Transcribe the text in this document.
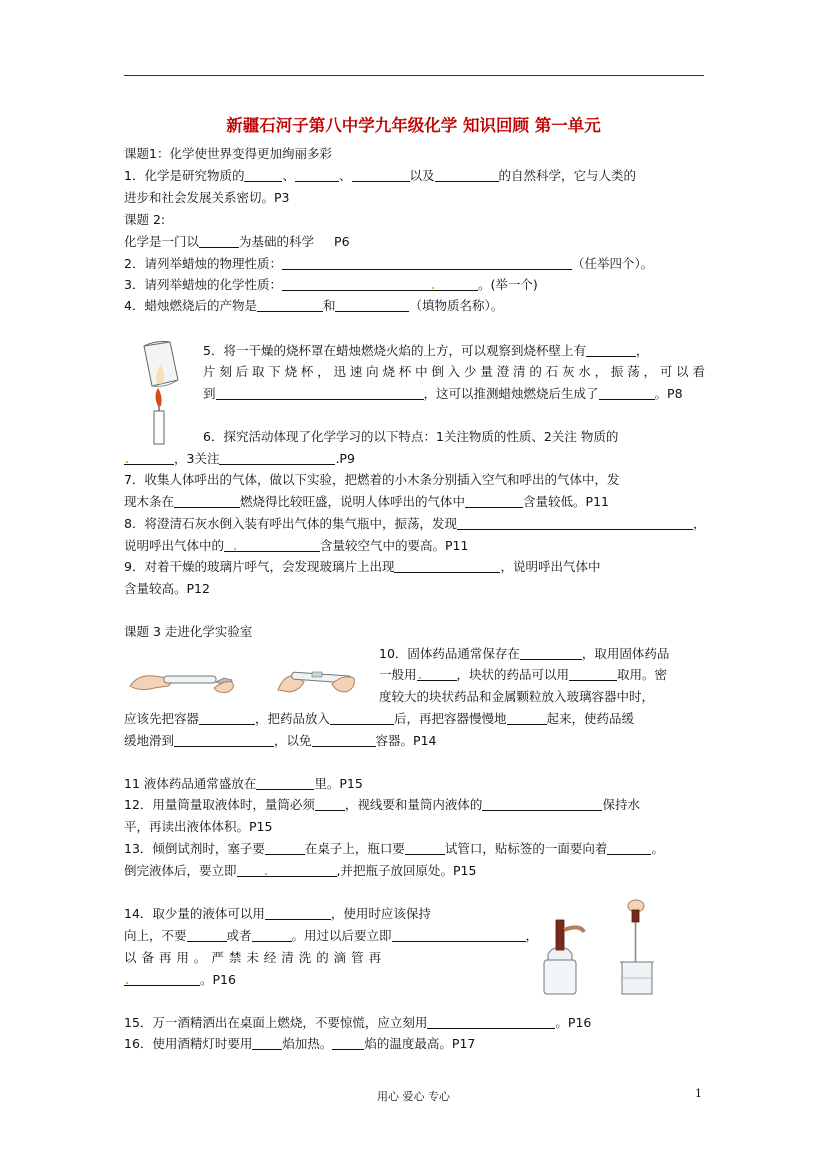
新疆石河子第八中学九年级化学 知识回顾 第一单元
课题1：化学使世界变得更加绚丽多彩
1．化学是研究物质的	、	、	以及	的自然科学，它与人类的
进步和社会发展关系密切。P3
课题 2:
化学是一门以	为基础的科学 P6
2．请列举蜡烛的物理性质：	（任举四个）。
3．请列举蜡烛的化学性质：	。(举一个)
4．蜡烛燃烧后的产物是	和	（填物质名称）。
5．将一干燥的烧杯罩在蜡烛燃烧火焰的上方，可以观察到烧杯壁上有	，
片刻后取下烧杯，迅速向烧杯中倒入少量澄清的石灰水，振荡，可以看
到	，这可以推测蜡烛燃烧后生成了	。P8
6．探究活动体现了化学学习的以下特点：1关注物质的性质、2关注 物质的
，3关注	.P9
7．收集人体呼出的气体，做以下实验，把燃着的小木条分别插入空气和呼出的气体中，发
现木条在	燃烧得比较旺盛，说明人体呼出的气体中	含量较低。P11
8．将澄清石灰水倒入装有呼出气体的集气瓶中，振荡，发现	，
说明呼出气体中的	含量较空气中的要高。P11
9．对着干燥的玻璃片呼气，会发现玻璃片上出现	，说明呼出气体中
含量较高。P12
课题 3 走进化学实验室
10．固体药品通常保存在	，取用固体药品
一般用	，块状的药品可以用	取用。密
度较大的块状药品和金属颗粒放入玻璃容器中时，
应该先把容器	，把药品放入	后，再把容器慢慢地	起来，使药品缓
缓地滑到	，以免	容器。P14
11 液体药品通常盛放在	里。P15
12．用量筒量取液体时，量筒必须 ，视线要和量筒内液体的	保持水
平，再读出液体体积。P15
13．倾倒试剂时，塞子要	在桌子上，瓶口要	试管口，贴标签的一面要向着	。
倒完液体后，要立即	,并把瓶子放回原处。P15
14．取少量的液体可以用	，使用时应该保持
向上，不要	或者	。用过以后要立即	，
以 备 再 用 。 严 禁 未 经 清 洗 的 滴 管 再
。P16
15．万一酒精洒出在桌面上燃烧，不要惊慌，应立刻用	。P16
16．使用酒精灯时要用 焰加热。	焰的温度最高。P17
用心 爱心 专心	1
